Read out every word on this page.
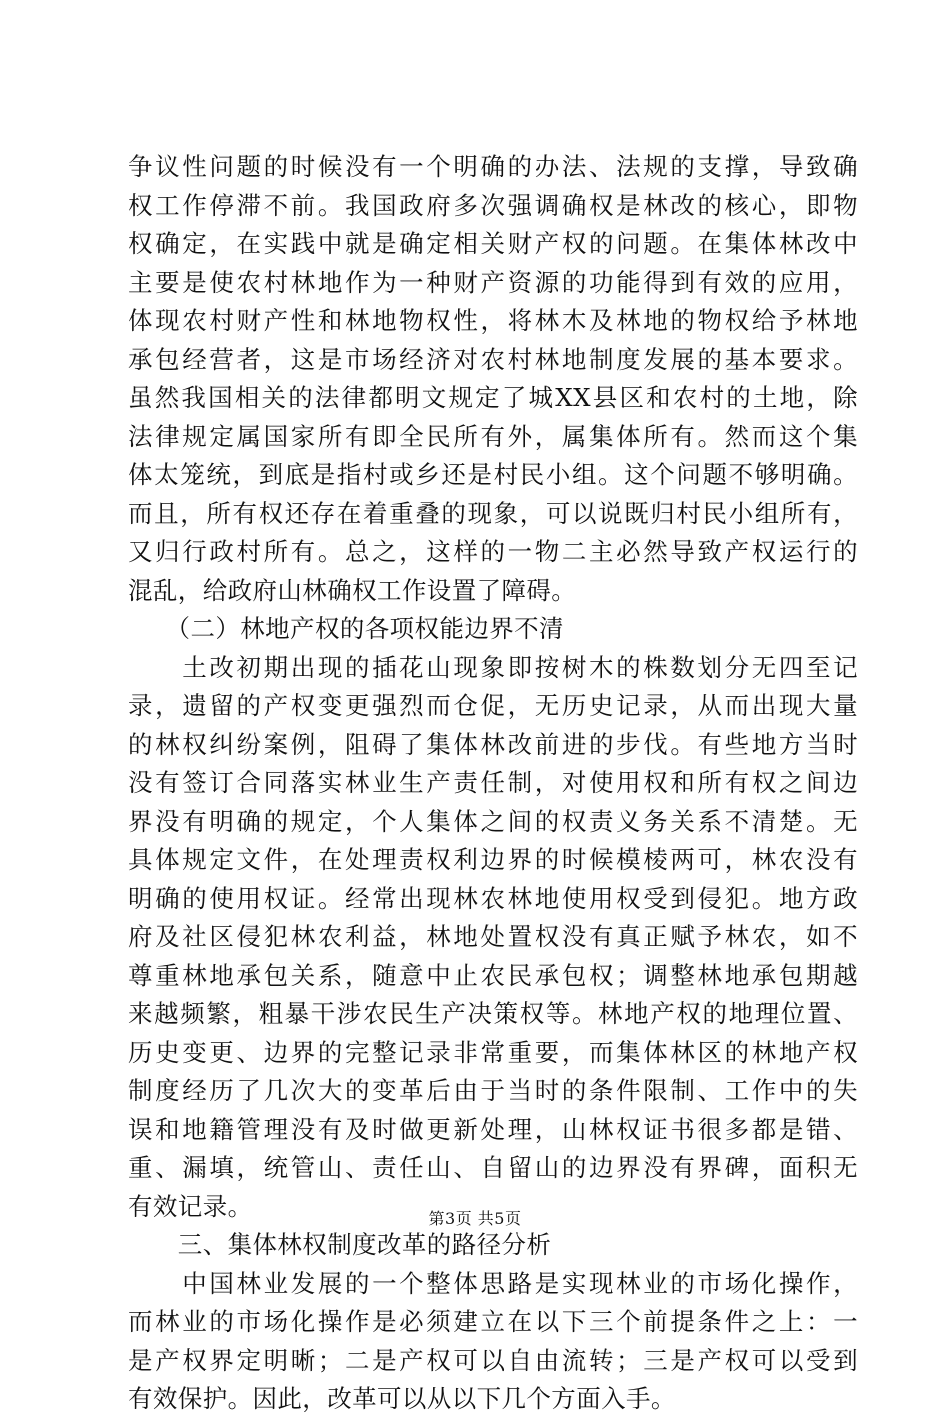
争议性问题的时候没有一个明确的办法、法规的支撑，导致确
权工作停滞不前。我国政府多次强调确权是林改的核心，即物
权确定，在实践中就是确定相关财产权的问题。在集体林改中
主要是使农村林地作为一种财产资源的功能得到有效的应用，
体现农村财产性和林地物权性，将林木及林地的物权给予林地
承包经营者，这是市场经济对农村林地制度发展的基本要求。
虽然我国相关的法律都明文规定了城XX县区和农村的土地，除
法律规定属国家所有即全民所有外，属集体所有。然而这个集
体太笼统，到底是指村或乡还是村民小组。这个问题不够明确。
而且，所有权还存在着重叠的现象，可以说既归村民小组所有，
又归行政村所有。总之，这样的一物二主必然导致产权运行的
混乱，给政府山林确权工作设置了障碍。
　　（二）林地产权的各项权能边界不清
　　土改初期出现的插花山现象即按树木的株数划分无四至记
录，遗留的产权变更强烈而仓促，无历史记录，从而出现大量
的林权纠纷案例，阻碍了集体林改前进的步伐。有些地方当时
没有签订合同落实林业生产责任制，对使用权和所有权之间边
界没有明确的规定，个人集体之间的权责义务关系不清楚。无
具体规定文件，在处理责权利边界的时候模棱两可，林农没有
明确的使用权证。经常出现林农林地使用权受到侵犯。地方政
府及社区侵犯林农利益，林地处置权没有真正赋予林农，如不
尊重林地承包关系，随意中止农民承包权；调整林地承包期越
来越频繁，粗暴干涉农民生产决策权等。林地产权的地理位置、
历史变更、边界的完整记录非常重要，而集体林区的林地产权
制度经历了几次大的变革后由于当时的条件限制、工作中的失
误和地籍管理没有及时做更新处理，山林权证书很多都是错、
重、漏填，统管山、责任山、自留山的边界没有界碑，面积无
有效记录。
　　三、集体林权制度改革的路径分析
　　中国林业发展的一个整体思路是实现林业的市场化操作，
而林业的市场化操作是必须建立在以下三个前提条件之上：一
是产权界定明晰；二是产权可以自由流转；三是产权可以受到
有效保护。因此，改革可以从以下几个方面入手。
第3页 共5页
